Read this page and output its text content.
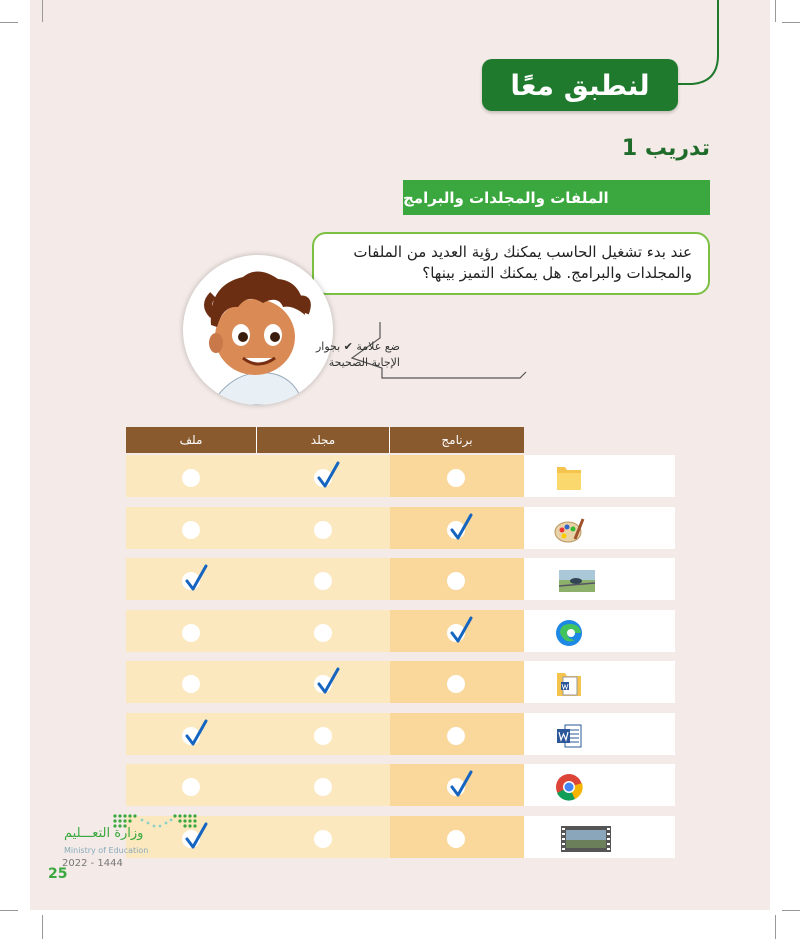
لنطبق معًا
تدريب 1
الملفات والمجلدات والبرامج
عند بدء تشغيل الحاسب يمكنك رؤية العديد من الملفات والمجلدات والبرامج. هل يمكنك التميز بينها؟
ضع علامة ✔ بجوار
الإجابة الصحيحة
ملف	مجلد	برنامج
وزارة التعـــليم
Ministry of Education
2022 - 1444
25
